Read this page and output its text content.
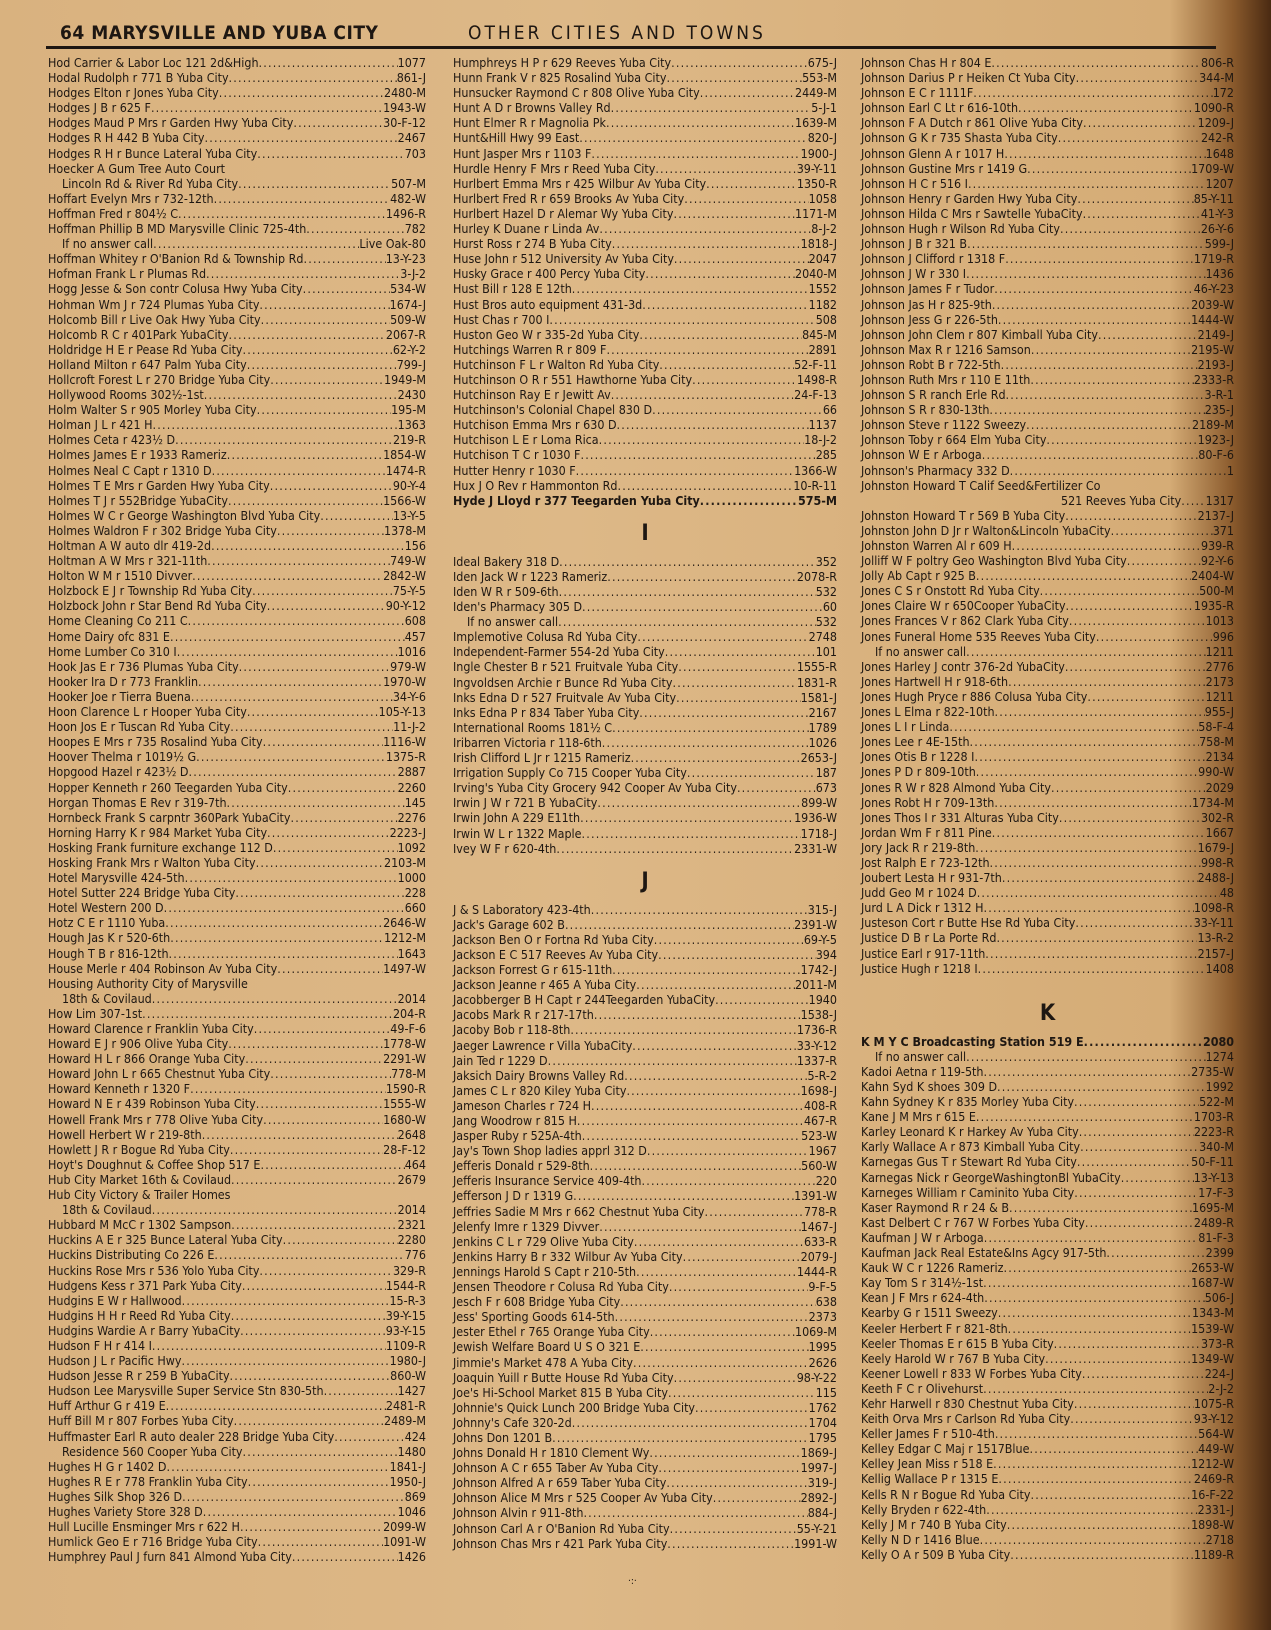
64 MARYSVILLE AND YUBA CITY	OTHER CITIES AND TOWNS
Hod Carrier & Labor Loc 121 2d&High .....	1077
Hodal Rudolph r 771 B Yuba City .....	861-J
Hodges Elton r Jones Yuba City .....	2480-M
Hodges J B r 625 F .....	1943-W
Hodges Maud P Mrs r Garden Hwy Yuba City .....	30-F-12
Hodges R H 442 B Yuba City .....	2467
Hodges R H r Bunce Lateral Yuba City .....	703
Hoecker A Gum Tree Auto Court
Lincoln Rd & River Rd Yuba City .....	507-M
Hoffart Evelyn Mrs r 732-12th .....	482-W
Hoffman Fred r 804½ C .....	1496-R
Hoffman Phillip B MD Marysville Clinic 725-4th .....	782
If no answer call .....	Live Oak-80
Hoffman Whitey r O'Banion Rd & Township Rd .....	13-Y-23
Hofman Frank L r Plumas Rd .....	3-J-2
Hogg Jesse & Son contr Colusa Hwy Yuba City .....	534-W
Hohman Wm J r 724 Plumas Yuba City .....	1674-J
Holcomb Bill r Live Oak Hwy Yuba City .....	509-W
Holcomb R C r 401Park YubaCity .....	2067-R
Holdridge H E r Pease Rd Yuba City .....	62-Y-2
Holland Milton r 647 Palm Yuba City .....	799-J
Hollcroft Forest L r 270 Bridge Yuba City .....	1949-M
Hollywood Rooms 302½-1st .....	2430
Holm Walter S r 905 Morley Yuba City .....	195-M
Holman J L r 421 H .....	1363
Holmes Ceta r 423½ D .....	219-R
Holmes James E r 1933 Rameriz .....	1854-W
Holmes Neal C Capt r 1310 D .....	1474-R
Holmes T E Mrs r Garden Hwy Yuba City .....	90-Y-4
Holmes T J r 552Bridge YubaCity .....	1566-W
Holmes W C r George Washington Blvd Yuba City .....	13-Y-5
Holmes Waldron F r 302 Bridge Yuba City .....	1378-M
Holtman A W auto dlr 419-2d .....	156
Holtman A W Mrs r 321-11th .....	749-W
Holton W M r 1510 Divver .....	2842-W
Holzbock E J r Township Rd Yuba City .....	75-Y-5
Holzbock John r Star Bend Rd Yuba City .....	90-Y-12
Home Cleaning Co 211 C .....	608
Home Dairy ofc 831 E .....	457
Home Lumber Co 310 I .....	1016
Hook Jas E r 736 Plumas Yuba City .....	979-W
Hooker Ira D r 773 Franklin .....	1970-W
Hooker Joe r Tierra Buena .....	34-Y-6
Hoon Clarence L r Hooper Yuba City .....	105-Y-13
Hoon Jos E r Tuscan Rd Yuba City .....	11-J-2
Hoopes E Mrs r 735 Rosalind Yuba City .....	1116-W
Hoover Thelma r 1019½ G .....	1375-R
Hopgood Hazel r 423½ D .....	2887
Hopper Kenneth r 260 Teegarden Yuba City .....	2260
Horgan Thomas E Rev r 319-7th .....	145
Hornbeck Frank S carpntr 360Park YubaCity .....	2276
Horning Harry K r 984 Market Yuba City .....	2223-J
Hosking Frank furniture exchange 112 D .....	1092
Hosking Frank Mrs r Walton Yuba City .....	2103-M
Hotel Marysville 424-5th .....	1000
Hotel Sutter 224 Bridge Yuba City .....	228
Hotel Western 200 D .....	660
Hotz C E r 1110 Yuba .....	2646-W
Hough Jas K r 520-6th .....	1212-M
Hough T B r 816-12th .....	1643
House Merle r 404 Robinson Av Yuba City .....	1497-W
Housing Authority City of Marysville
18th & Covilaud .....	2014
How Lim 307-1st .....	204-R
Howard Clarence r Franklin Yuba City .....	49-F-6
Howard E J r 906 Olive Yuba City .....	1778-W
Howard H L r 866 Orange Yuba City .....	2291-W
Howard John L r 665 Chestnut Yuba City .....	778-M
Howard Kenneth r 1320 F .....	1590-R
Howard N E r 439 Robinson Yuba City .....	1555-W
Howell Frank Mrs r 778 Olive Yuba City .....	1680-W
Howell Herbert W r 219-8th .....	2648
Howlett J R r Bogue Rd Yuba City .....	28-F-12
Hoyt's Doughnut & Coffee Shop 517 E .....	464
Hub City Market 16th & Covilaud .....	2679
Hub City Victory & Trailer Homes
18th & Covilaud .....	2014
Hubbard M McC r 1302 Sampson .....	2321
Huckins A E r 325 Bunce Lateral Yuba City .....	2280
Huckins Distributing Co 226 E .....	776
Huckins Rose Mrs r 536 Yolo Yuba City .....	329-R
Hudgens Kess r 371 Park Yuba City .....	1544-R
Hudgins E W r Hallwood .....	15-R-3
Hudgins H H r Reed Rd Yuba City .....	39-Y-15
Hudgins Wardie A r Barry YubaCity .....	93-Y-15
Hudson F H r 414 I .....	1109-R
Hudson J L r Pacific Hwy .....	1980-J
Hudson Jesse R r 259 B YubaCity .....	860-W
Hudson Lee Marysville Super Service Stn 830-5th .....	1427
Huff Arthur G r 419 E .....	2481-R
Huff Bill M r 807 Forbes Yuba City .....	2489-M
Huffmaster Earl R auto dealer 228 Bridge Yuba City .....	424
Residence 560 Cooper Yuba City .....	1480
Hughes H G r 1402 D .....	1841-J
Hughes R E r 778 Franklin Yuba City .....	1950-J
Hughes Silk Shop 326 D .....	869
Hughes Variety Store 328 D .....	1046
Hull Lucille Ensminger Mrs r 622 H .....	2099-W
Humlick Geo E r 716 Bridge Yuba City .....	1091-W
Humphrey Paul J furn 841 Almond Yuba City .....	1426
Humphreys H P r 629 Reeves Yuba City .....	675-J
Hunn Frank V r 825 Rosalind Yuba City .....	553-M
Hunsucker Raymond C r 808 Olive Yuba City .....	2449-M
Hunt A D r Browns Valley Rd .....	5-J-1
Hunt Elmer R r Magnolia Pk .....	1639-M
Hunt&Hill Hwy 99 East .....	820-J
Hunt Jasper Mrs r 1103 F .....	1900-J
Hurdle Henry F Mrs r Reed Yuba City .....	39-Y-11
Hurlbert Emma Mrs r 425 Wilbur Av Yuba City .....	1350-R
Hurlbert Fred R r 659 Brooks Av Yuba City .....	1058
Hurlbert Hazel D r Alemar Wy Yuba City .....	1171-M
Hurley K Duane r Linda Av .....	8-J-2
Hurst Ross r 274 B Yuba City .....	1818-J
Huse John r 512 University Av Yuba City .....	2047
Husky Grace r 400 Percy Yuba City .....	2040-M
Hust Bill r 128 E 12th .....	1552
Hust Bros auto equipment 431-3d .....	1182
Hust Chas r 700 I .....	508
Huston Geo W r 335-2d Yuba City .....	845-M
Hutchings Warren R r 809 F .....	2891
Hutchinson F L r Walton Rd Yuba City .....	52-F-11
Hutchinson O R r 551 Hawthorne Yuba City .....	1498-R
Hutchinson Ray E r Jewitt Av .....	24-F-13
Hutchinson's Colonial Chapel 830 D .....	66
Hutchison Emma Mrs r 630 D .....	1137
Hutchison L E r Loma Rica .....	18-J-2
Hutchison T C r 1030 F .....	285
Hutter Henry r 1030 F .....	1366-W
Hux J O Rev r Hammonton Rd .....	10-R-11
Hyde J Lloyd r 377 Teegarden Yuba City .....	575-M
I
Ideal Bakery 318 D .....	352
Iden Jack W r 1223 Rameriz .....	2078-R
Iden W R r 509-6th .....	532
Iden's Pharmacy 305 D .....	60
If no answer call .....	532
Implemotive Colusa Rd Yuba City .....	2748
Independent-Farmer 554-2d Yuba City .....	101
Ingle Chester B r 521 Fruitvale Yuba City .....	1555-R
Ingvoldsen Archie r Bunce Rd Yuba City .....	1831-R
Inks Edna D r 527 Fruitvale Av Yuba City .....	1581-J
Inks Edna P r 834 Taber Yuba City .....	2167
International Rooms 181½ C .....	1789
Iribarren Victoria r 118-6th .....	1026
Irish Clifford L Jr r 1215 Rameriz .....	2653-J
Irrigation Supply Co 715 Cooper Yuba City .....	187
Irving's Yuba City Grocery 942 Cooper Av Yuba City .....	673
Irwin J W r 721 B YubaCity .....	899-W
Irwin John A 229 E11th .....	1936-W
Irwin W L r 1322 Maple .....	1718-J
Ivey W F r 620-4th .....	2331-W
J
J & S Laboratory 423-4th .....	315-J
Jack's Garage 602 B .....	2391-W
Jackson Ben O r Fortna Rd Yuba City .....	69-Y-5
Jackson E C 517 Reeves Av Yuba City .....	394
Jackson Forrest G r 615-11th .....	1742-J
Jackson Jeanne r 465 A Yuba City .....	2011-M
Jacobberger B H Capt r 244Teegarden YubaCity .....	1940
Jacobs Mark R r 217-17th .....	1538-J
Jacoby Bob r 118-8th .....	1736-R
Jaeger Lawrence r Villa YubaCity .....	33-Y-12
Jain Ted r 1229 D .....	1337-R
Jaksich Dairy Browns Valley Rd .....	5-R-2
James C L r 820 Kiley Yuba City .....	1698-J
Jameson Charles r 724 H .....	408-R
Jang Woodrow r 815 H .....	467-R
Jasper Ruby r 525A-4th .....	523-W
Jay's Town Shop ladies apprl 312 D .....	1967
Jefferis Donald r 529-8th .....	560-W
Jefferis Insurance Service 409-4th .....	220
Jefferson J D r 1319 G .....	1391-W
Jeffries Sadie M Mrs r 662 Chestnut Yuba City .....	778-R
Jelenfy Imre r 1329 Divver .....	1467-J
Jenkins C L r 729 Olive Yuba City .....	633-R
Jenkins Harry B r 332 Wilbur Av Yuba City .....	2079-J
Jennings Harold S Capt r 210-5th .....	1444-R
Jensen Theodore r Colusa Rd Yuba City .....	9-F-5
Jesch F r 608 Bridge Yuba City .....	638
Jess' Sporting Goods 614-5th .....	2373
Jester Ethel r 765 Orange Yuba City .....	1069-M
Jewish Welfare Board U S O 321 E .....	1995
Jimmie's Market 478 A Yuba City .....	2626
Joaquin Yuill r Butte House Rd Yuba City .....	98-Y-22
Joe's Hi-School Market 815 B Yuba City .....	115
Johnnie's Quick Lunch 200 Bridge Yuba City .....	1762
Johnny's Cafe 320-2d .....	1704
Johns Don 1201 B .....	1795
Johns Donald H r 1810 Clement Wy .....	1869-J
Johnson A C r 655 Taber Av Yuba City .....	1997-J
Johnson Alfred A r 659 Taber Yuba City .....	319-J
Johnson Alice M Mrs r 525 Cooper Av Yuba City .....	2892-J
Johnson Alvin r 911-8th .....	884-J
Johnson Carl A r O'Banion Rd Yuba City .....	55-Y-21
Johnson Chas Mrs r 421 Park Yuba City .....	1991-W
Johnson Chas H r 804 E .....	806-R
Johnson Darius P r Heiken Ct Yuba City .....	344-M
Johnson E C r 1111F .....	172
Johnson Earl C Lt r 616-10th .....	1090-R
Johnson F A Dutch r 861 Olive Yuba City .....	1209-J
Johnson G K r 735 Shasta Yuba City .....	242-R
Johnson Glenn A r 1017 H .....	1648
Johnson Gustine Mrs r 1419 G .....	1709-W
Johnson H C r 516 I .....	1207
Johnson Henry r Garden Hwy Yuba City .....	85-Y-11
Johnson Hilda C Mrs r Sawtelle YubaCity .....	41-Y-3
Johnson Hugh r Wilson Rd Yuba City .....	26-Y-6
Johnson J B r 321 B .....	599-J
Johnson J Clifford r 1318 F .....	1719-R
Johnson J W r 330 I .....	1436
Johnson James F r Tudor .....	46-Y-23
Johnson Jas H r 825-9th .....	2039-W
Johnson Jess G r 226-5th .....	1444-W
Johnson John Clem r 807 Kimball Yuba City .....	2149-J
Johnson Max R r 1216 Samson .....	2195-W
Johnson Robt B r 722-5th .....	2193-J
Johnson Ruth Mrs r 110 E 11th .....	2333-R
Johnson S R ranch Erle Rd .....	3-R-1
Johnson S R r 830-13th .....	235-J
Johnson Steve r 1122 Sweezy .....	2189-M
Johnson Toby r 664 Elm Yuba City .....	1923-J
Johnson W E r Arboga .....	80-F-6
Johnson's Pharmacy 332 D .....	1
Johnston Howard T Calif Seed&Fertilizer Co
521 Reeves Yuba City ..... 1317
Johnston Howard T r 569 B Yuba City .....	2137-J
Johnston John D Jr r Walton&Lincoln YubaCity .....	371
Johnston Warren Al r 609 H .....	939-R
Jolliff W F poltry Geo Washington Blvd Yuba City .....	92-Y-6
Jolly Ab Capt r 925 B .....	2404-W
Jones C S r Onstott Rd Yuba City .....	500-M
Jones Claire W r 650Cooper YubaCity .....	1935-R
Jones Frances V r 862 Clark Yuba City .....	1013
Jones Funeral Home 535 Reeves Yuba City .....	996
If no answer call .....	1211
Jones Harley J contr 376-2d YubaCity .....	2776
Jones Hartwell H r 918-6th .....	2173
Jones Hugh Pryce r 886 Colusa Yuba City .....	1211
Jones L Elma r 822-10th .....	955-J
Jones L I r Linda .....	58-F-4
Jones Lee r 4E-15th .....	758-M
Jones Otis B r 1228 I .....	2134
Jones P D r 809-10th .....	990-W
Jones R W r 828 Almond Yuba City .....	2029
Jones Robt H r 709-13th .....	1734-M
Jones Thos I r 331 Alturas Yuba City .....	302-R
Jordan Wm F r 811 Pine .....	1667
Jory Jack R r 219-8th .....	1679-J
Jost Ralph E r 723-12th .....	998-R
Joubert Lesta H r 931-7th .....	2488-J
Judd Geo M r 1024 D .....	48
Jurd L A Dick r 1312 H .....	1098-R
Justeson Cort r Butte Hse Rd Yuba City .....	33-Y-11
Justice D B r La Porte Rd .....	13-R-2
Justice Earl r 917-11th .....	2157-J
Justice Hugh r 1218 I .....	1408
K
K M Y C Broadcasting Station 519 E .....	2080
If no answer call .....	1274
Kadoi Aetna r 119-5th .....	2735-W
Kahn Syd K shoes 309 D .....	1992
Kahn Sydney K r 835 Morley Yuba City .....	522-M
Kane J M Mrs r 615 E .....	1703-R
Karley Leonard K r Harkey Av Yuba City .....	2223-R
Karly Wallace A r 873 Kimball Yuba City .....	340-M
Karnegas Gus T r Stewart Rd Yuba City .....	50-F-11
Karnegas Nick r GeorgeWashingtonBl YubaCity .....	13-Y-13
Karneges William r Caminito Yuba City .....	17-F-3
Kaser Raymond R r 24 & B .....	1695-M
Kast Delbert C r 767 W Forbes Yuba City .....	2489-R
Kaufman J W r Arboga .....	81-F-3
Kaufman Jack Real Estate&Ins Agcy 917-5th .....	2399
Kauk W C r 1226 Rameriz .....	2653-W
Kay Tom S r 314½-1st .....	1687-W
Kean J F Mrs r 624-4th .....	506-J
Kearby G r 1511 Sweezy .....	1343-M
Keeler Herbert F r 821-8th .....	1539-W
Keeler Thomas E r 615 B Yuba City .....	373-R
Keely Harold W r 767 B Yuba City .....	1349-W
Keener Lowell r 833 W Forbes Yuba City .....	224-J
Keeth F C r Olivehurst .....	2-J-2
Kehr Harwell r 830 Chestnut Yuba City .....	1075-R
Keith Orva Mrs r Carlson Rd Yuba City .....	93-Y-12
Keller James F r 510-4th .....	564-W
Kelley Edgar C Maj r 1517Blue .....	449-W
Kelley Jean Miss r 518 E .....	1212-W
Kellig Wallace P r 1315 E .....	2469-R
Kells R N r Bogue Rd Yuba City .....	16-F-22
Kelly Bryden r 622-4th .....	2331-J
Kelly J M r 740 B Yuba City .....	1898-W
Kelly N D r 1416 Blue .....	2718
Kelly O A r 509 B Yuba City .....	1189-R
·:·
